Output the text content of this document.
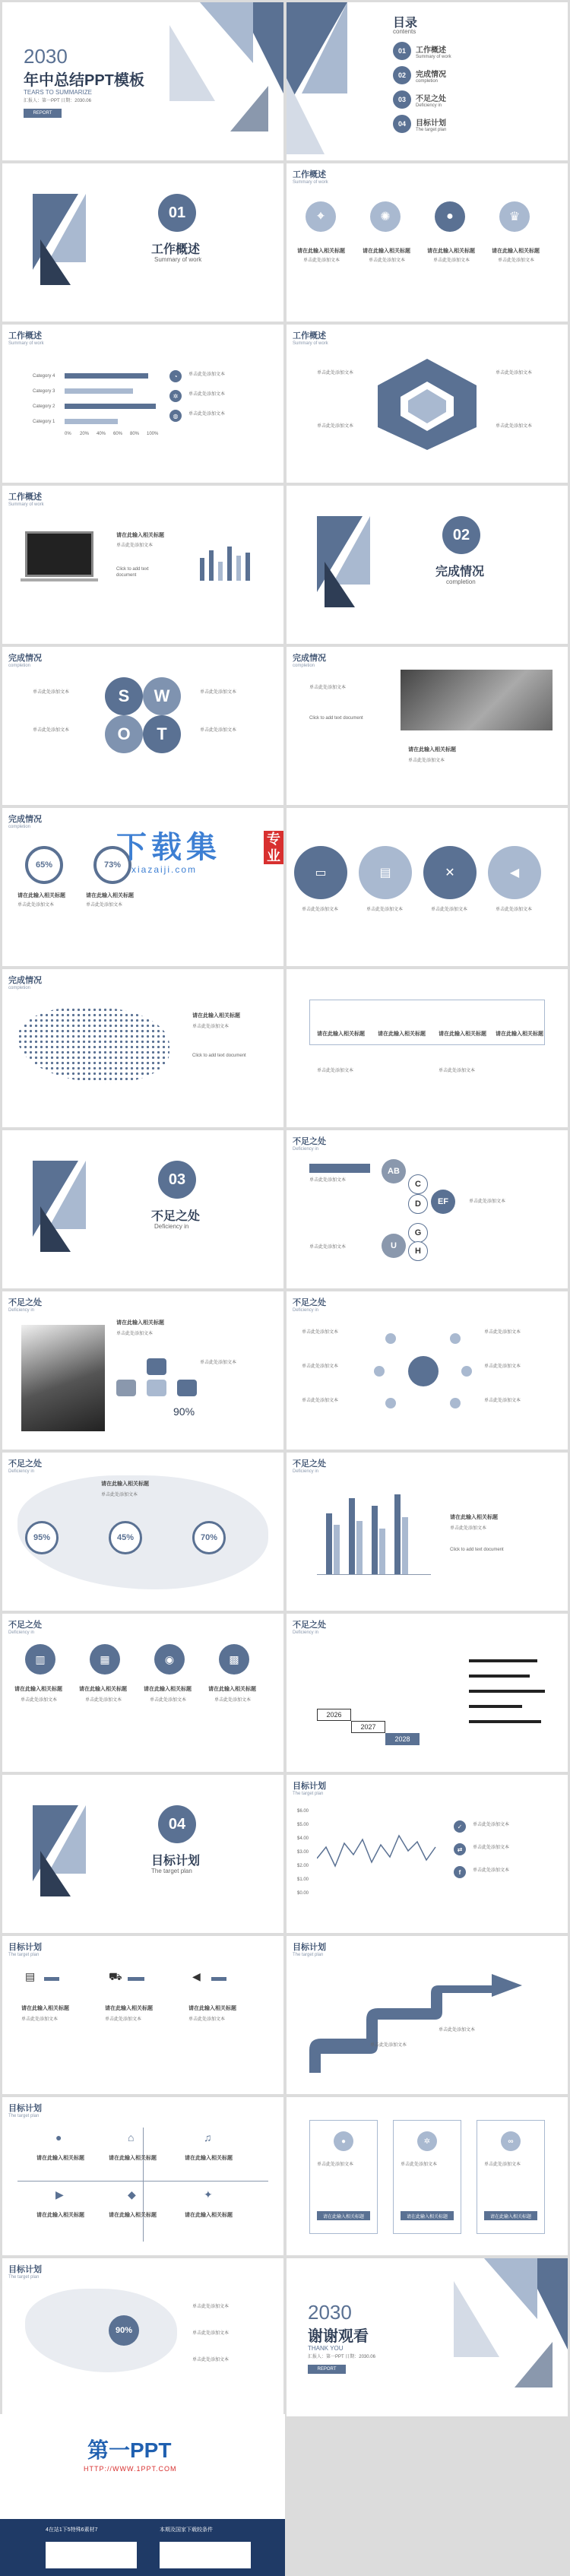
2030
年中总结PPT模板
TEARS TO SUMMARIZE
汇报人：第一PPT 日期：2030.06
REPORT
目录
contents
01	工作概述
Summary of work
02	完成情况
completion
03	不足之处
Deficiency in
04	目标计划
The target plan
01
工作概述
Summary of work
工作概述
Summary of work
⌖	✺	●	♛
请在此输入相关标题	请在此输入相关标题	请在此输入相关标题	请在此输入相关标题
单击此处添加文本	单击此处添加文本	单击此处添加文本	单击此处添加文本
工作概述
Summary of work
Category 4
Category 3
Category 2
Category 1
0% 20% 40% 60% 80% 100%
◔
✲
◍
单击此处添加文本
单击此处添加文本
单击此处添加文本
工作概述
Summary of work
单击此处添加文本
单击此处添加文本
单击此处添加文本
单击此处添加文本
工作概述
Summary of work
请在此输入相关标题
单击此处添加文本
Click to add text document
02
完成情况
completion
完成情况
completion
S	W
O	T
单击此处添加文本
单击此处添加文本
单击此处添加文本
单击此处添加文本
完成情况
completion
单击此处添加文本
Click to add text document
请在此输入相关标题
单击此处添加文本
完成情况
completion
65%	73%
请在此输入相关标题	请在此输入相关标题
单击此处添加文本	单击此处添加文本
下载集
xiazaiji.com
专业
▭	▤	✕	◀
单击此处添加文本	单击此处添加文本	单击此处添加文本	单击此处添加文本
完成情况
completion
请在此输入相关标题
单击此处添加文本
Click to add text document
请在此输入相关标题 请在此输入相关标题 请在此输入相关标题 请在此输入相关标题
单击此处添加文本	单击此处添加文本
03
不足之处
Deficiency in
不足之处
Deficiency in
AB
C
D	EF
G
H
U
单击此处添加文本
单击此处添加文本
单击此处添加文本
不足之处
Deficiency in
请在此输入相关标题
单击此处添加文本
90%
单击此处添加文本
不足之处
Deficiency in
单击此处添加文本
单击此处添加文本
单击此处添加文本
单击此处添加文本
单击此处添加文本
单击此处添加文本
不足之处
Deficiency in
95%	45%	70%
请在此输入相关标题
单击此处添加文本
不足之处
Deficiency in
请在此输入相关标题
单击此处添加文本
Click to add text document
不足之处
Deficiency in
▥	▦	◉	▩
请在此输入相关标题	请在此输入相关标题	请在此输入相关标题	请在此输入相关标题
单击此处添加文本	单击此处添加文本	单击此处添加文本	单击此处添加文本
不足之处
Deficiency in
2026
2027
2028
04
目标计划
The target plan
目标计划
The target plan
$6.00
$5.00
$4.00
$3.00
$2.00
$1.00
$0.00
✓
⇄
f
单击此处添加文本
单击此处添加文本
单击此处添加文本
目标计划
The target plan
▤	⛟	◀
请在此输入相关标题	请在此输入相关标题	请在此输入相关标题
单击此处添加文本	单击此处添加文本	单击此处添加文本
目标计划
The target plan
单击此处添加文本
单击此处添加文本
目标计划
The target plan
●	⌂	♫
▶	◆	✦
请在此输入相关标题	请在此输入相关标题	请在此输入相关标题
请在此输入相关标题	请在此输入相关标题	请在此输入相关标题
●	✲	∞
单击此处添加文本	单击此处添加文本	单击此处添加文本
请在此输入相关标题	请在此输入相关标题	请在此输入相关标题
目标计划
The target plan
90%
单击此处添加文本
单击此处添加文本
单击此处添加文本
2030
谢谢观看
THANK YOU
汇报人：第一PPT 日期：2030.06
REPORT
第一PPT
HTTP://WWW.1PPT.COM
4在站1下5特殊6素材7	本期及国家下载较条件
